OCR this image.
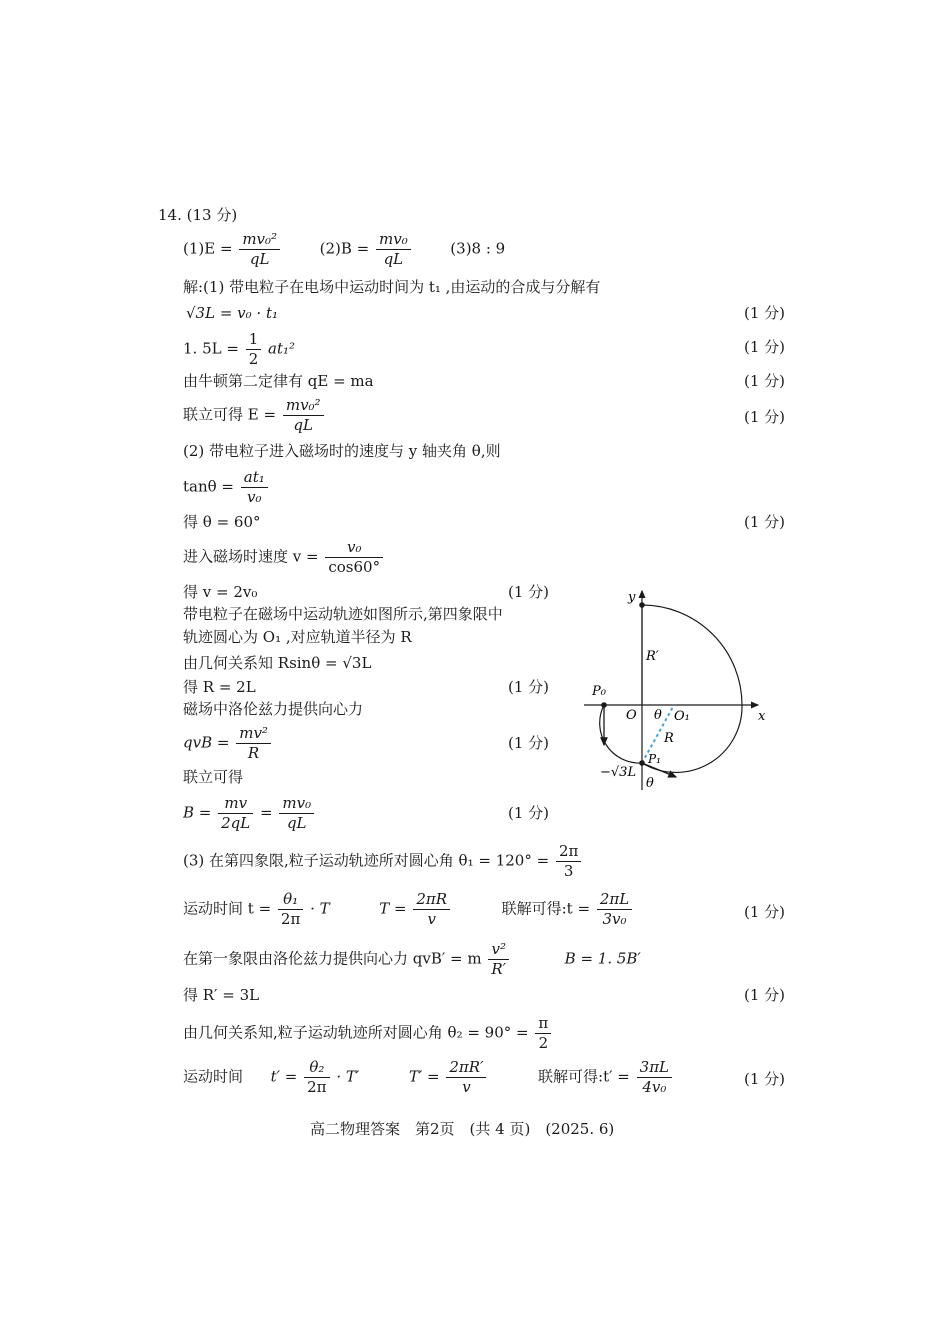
14. (13 分)
$(1)E = \frac{\text{mv₀²}}{qL}$	$(2)B = \frac{\text{mv₀}}{qL}$	(3)8 : 9
解:(1) 带电粒子在电场中运动时间为 t₁ ,由运动的合成与分解有
√3L = v₀ · t₁	(1 分)
1. $5L = \frac{1}{2} at_1^2$	(1 分)
由牛顿第二定律有 qE = ma	(1 分)
联立可得 $E = \frac{\text{mv₀²}}{qL}$	(1 分)
(2) 带电粒子进入磁场时的速度与 y 轴夹角 θ,则
$\tan\theta = \frac{\text{at₁}}{\text{v₀}}$
得 θ = 60°	(1 分)
进入磁场时速度 $v = \frac{\text{v₀}}{\cos 60^\circ}$
得 v = 2v₀	(1 分)
带电粒子在磁场中运动轨迹如图所示,第四象限中
轨迹圆心为 O₁ ,对应轨道半径为 R
由几何关系知 Rsinθ = √3L
得 R = 2L	(1 分)
磁场中洛伦兹力提供向心力
qvB = $\frac{\text{mv²}}{R}$	(1 分)
联立可得
$B = \frac{mv}{2qL} = \frac{\text{mv₀}}{qL}$	(1 分)
(3) 在第四象限,粒子运动轨迹所对圆心角 $\theta_1 = 120^\circ = \frac{2\pi}{3}$
运动时间 $t = \frac{\text{θ₁}}{2\pi} \cdot T$	$T = \frac{2\pi R}{v}$	联解可得:t = $\frac{2\pi L}{\text{3v₀}}$	(1 分)
在第一象限由洛伦兹力提供向心力 qvB′ = m $\frac{\text{v²}}{R'}$	B = 1. 5B′
得 R′ = 3L	(1 分)
由几何关系知,粒子运动轨迹所对圆心角 $\theta_2 = 90^\circ = \frac{\pi}{2}$
运动时间 $t' = \frac{\text{θ₂}}{2\pi} \cdot T'$	$T' = \frac{2\pi R'}{v}$	联解可得:t′ = $\frac{3\pi L}{\text{4v₀}}$	(1 分)
y
x
O	O₁
P₀
P₁
R
R′
θ
θ
−√3L
高二物理答案　第2页　(共 4 页)　(2025. 6)
